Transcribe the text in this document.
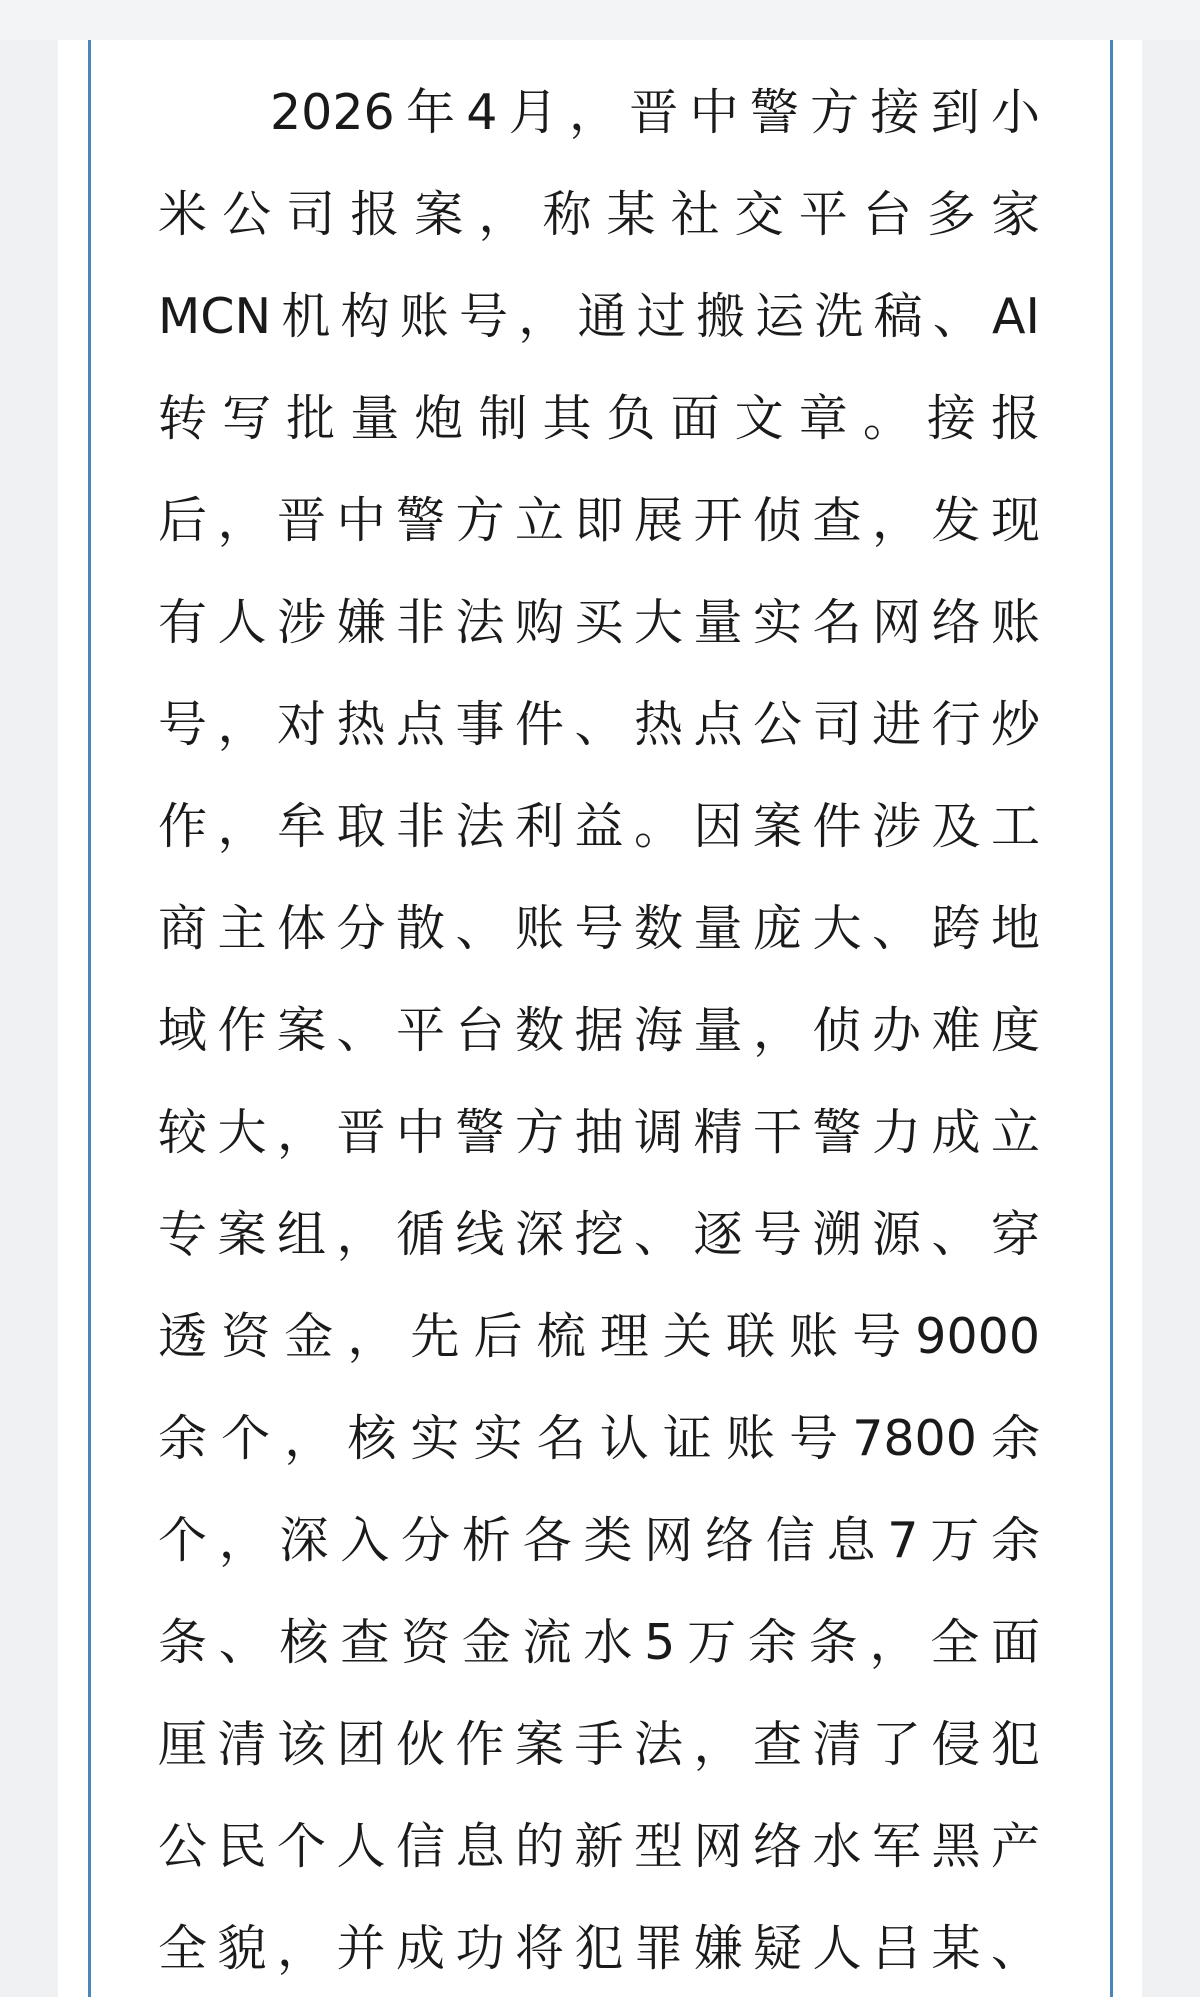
2026年4月，晋中警方接到小
米公司报案，称某社交平台多家
MCN机构账号，通过搬运洗稿、AI
转写批量炮制其负面文章。接报
后，晋中警方立即展开侦查，发现
有人涉嫌非法购买大量实名网络账
号，对热点事件、热点公司进行炒
作，牟取非法利益。因案件涉及工
商主体分散、账号数量庞大、跨地
域作案、平台数据海量，侦办难度
较大，晋中警方抽调精干警力成立
专案组，循线深挖、逐号溯源、穿
透资金，先后梳理关联账号9000
余个，核实实名认证账号7800余
个，深入分析各类网络信息7万余
条、核查资金流水5万余条，全面
厘清该团伙作案手法，查清了侵犯
公民个人信息的新型网络水军黑产
全貌，并成功将犯罪嫌疑人吕某、
